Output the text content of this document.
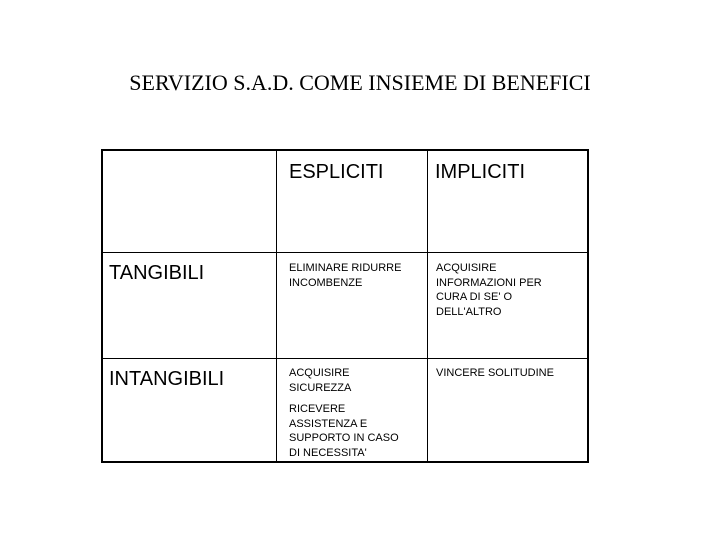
SERVIZIO S.A.D. COME INSIEME DI BENEFICI
ESPLICITI	IMPLICITI
TANGIBILI
INTANGIBILI
ELIMINARE RIDURRE
INCOMBENZE
ACQUISIRE
INFORMAZIONI PER
CURA DI SE' O
DELL'ALTRO
ACQUISIRE
SICUREZZA
RICEVERE
ASSISTENZA E
SUPPORTO IN CASO
DI NECESSITA'
VINCERE SOLITUDINE
